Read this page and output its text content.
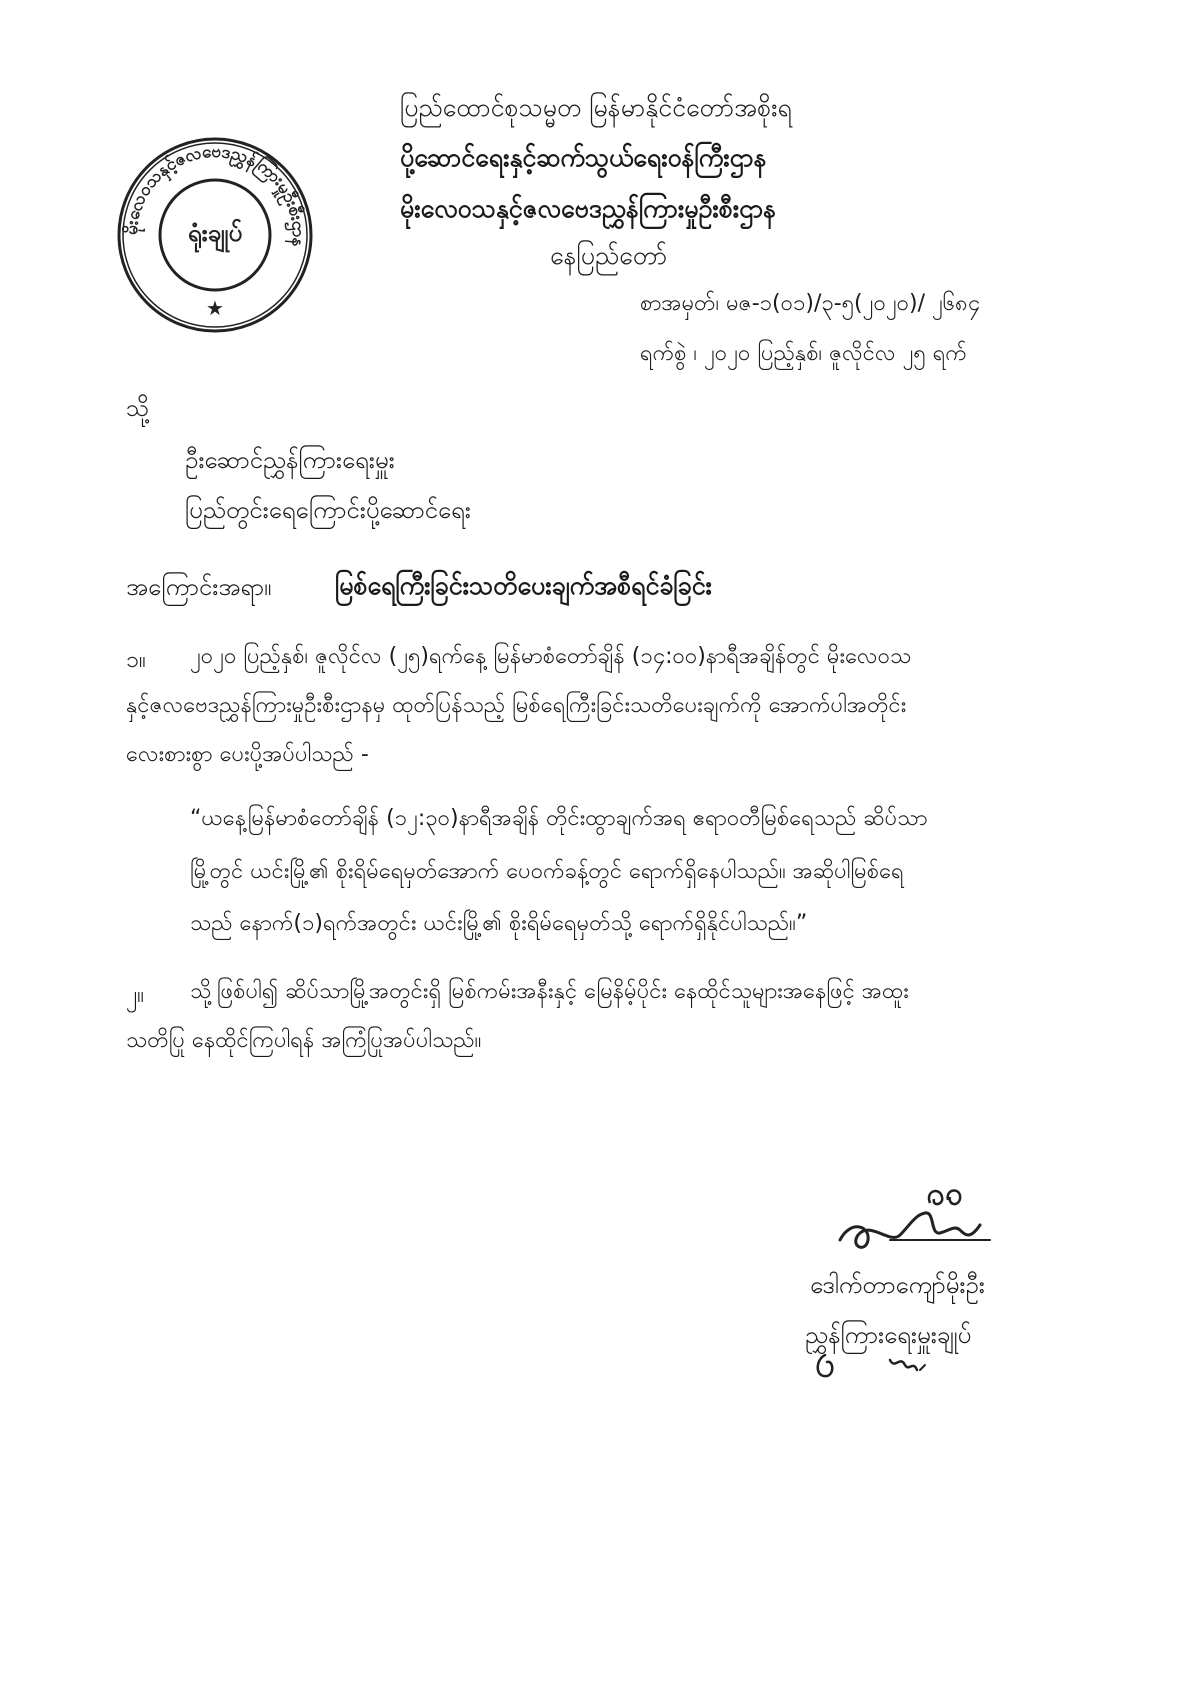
မိုးလေဝသနှင့်ဇလဗေဒညွှန်ကြားမှုဦးစီးဌာန
★
ရုံးချုပ်
ပြည်ထောင်စုသမ္မတ မြန်မာနိုင်ငံတော်အစိုးရ
ပို့ဆောင်ရေးနှင့်ဆက်သွယ်ရေးဝန်ကြီးဌာန
မိုးလေဝသနှင့်ဇလဗေဒညွှန်ကြားမှုဦးစီးဌာန
နေပြည်တော်
စာအမှတ်၊ မဇ-၁(၀၁)/၃-၅(၂၀၂၀)/ ၂၆၈၄
ရက်စွဲ ၊ ၂၀၂၀ ပြည့်နှစ်၊ ဇူလိုင်လ ၂၅ ရက်
သို့
ဦးဆောင်ညွှန်ကြားရေးမှူး
ပြည်တွင်းရေကြောင်းပို့ဆောင်ရေး
အကြောင်းအရာ။	မြစ်ရေကြီးခြင်းသတိပေးချက်အစီရင်ခံခြင်း
၁။ ၂၀၂၀ ပြည့်နှစ်၊ ဇူလိုင်လ (၂၅)ရက်နေ့ မြန်မာစံတော်ချိန် (၁၄:၀၀)နာရီအချိန်တွင် မိုးလေဝသ
နှင့်ဇလဗေဒညွှန်ကြားမှုဦးစီးဌာနမှ ထုတ်ပြန်သည့် မြစ်ရေကြီးခြင်းသတိပေးချက်ကို အောက်ပါအတိုင်း
လေးစားစွာ ပေးပို့အပ်ပါသည် -
“ယနေ့မြန်မာစံတော်ချိန် (၁၂:၃၀)နာရီအချိန် တိုင်းထွာချက်အရ ဧရာဝတီမြစ်ရေသည် ဆိပ်သာ
မြို့တွင် ယင်းမြို့၏ စိုးရိမ်ရေမှတ်အောက် ပေ၀က်ခန့်တွင် ရောက်ရှိနေပါသည်။ အဆိုပါမြစ်ရေ
သည် နောက်(၁)ရက်အတွင်း ယင်းမြို့၏ စိုးရိမ်ရေမှတ်သို့ ရောက်ရှိနိုင်ပါသည်။”
၂။ သို့ဖြစ်ပါ၍ ဆိပ်သာမြို့အတွင်းရှိ မြစ်ကမ်းအနီးနှင့် မြေနိမ့်ပိုင်း နေထိုင်သူများအနေဖြင့် အထူး
သတိပြု နေထိုင်ကြပါရန် အကြံပြုအပ်ပါသည်။
ဒေါက်တာကျော်မိုးဦး
ညွှန်ကြားရေးမှူးချုပ်
